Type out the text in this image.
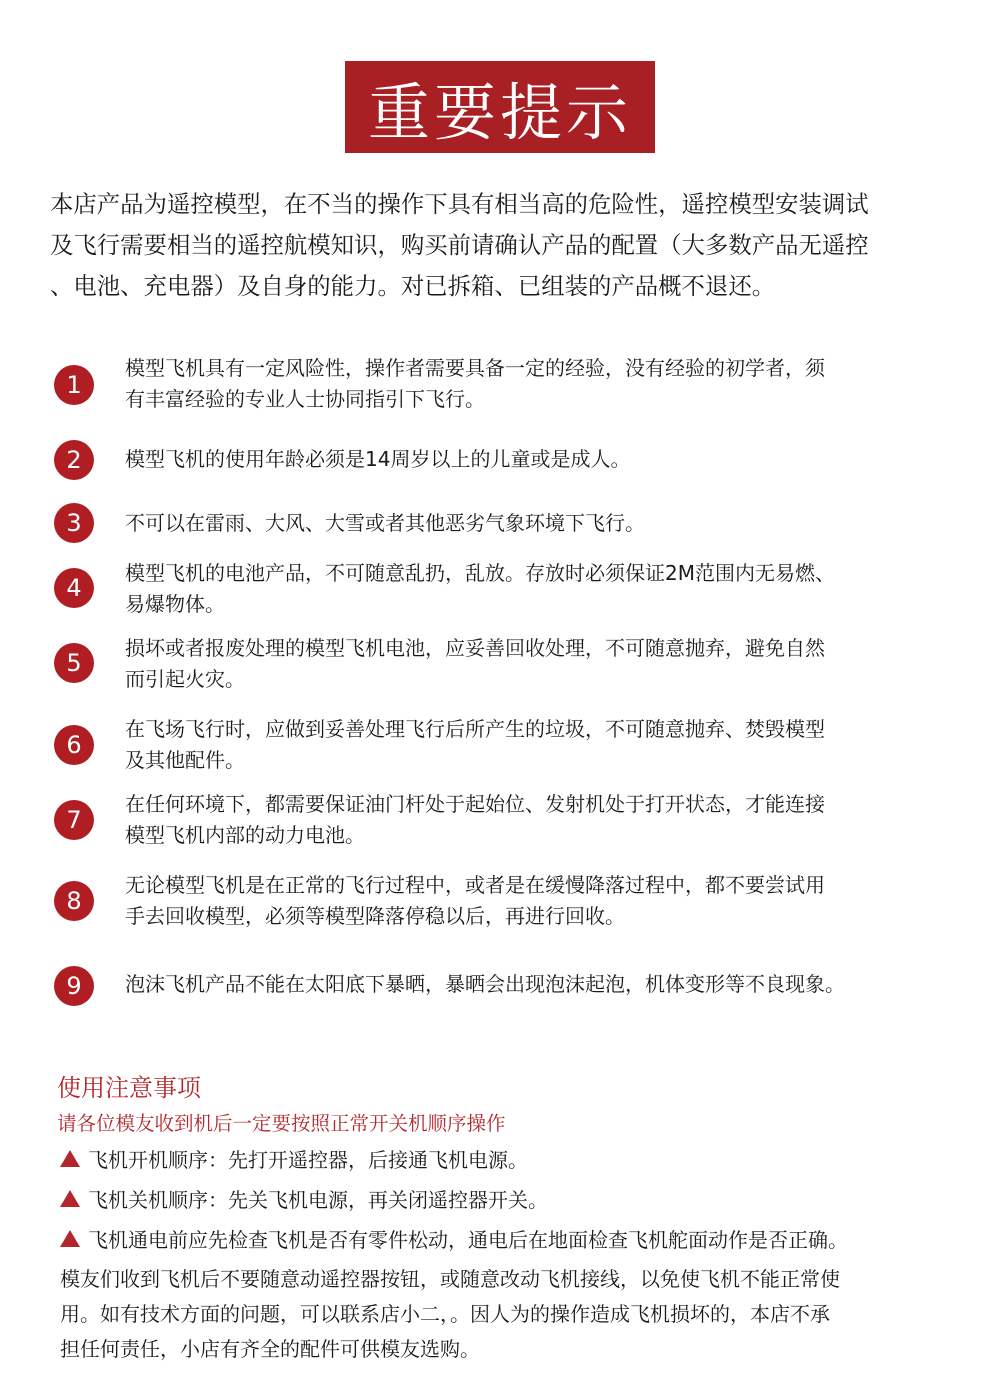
重要提示
本店产品为遥控模型，在不当的操作下具有相当高的危险性，遥控模型安装调试
及飞行需要相当的遥控航模知识，购买前请确认产品的配置（大多数产品无遥控
、电池、充电器）及自身的能力。对已拆箱、已组装的产品概不退还。
1
模型飞机具有一定风险性，操作者需要具备一定的经验，没有经验的初学者，须
有丰富经验的专业人士协同指引下飞行。
2	模型飞机的使用年龄必须是14周岁以上的儿童或是成人。
3	不可以在雷雨、大风、大雪或者其他恶劣气象环境下飞行。
4
模型飞机的电池产品，不可随意乱扔，乱放。存放时必须保证2M范围内无易燃、
易爆物体。
5
损坏或者报废处理的模型飞机电池，应妥善回收处理，不可随意抛弃，避免自然
而引起火灾。
6
在飞场飞行时，应做到妥善处理飞行后所产生的垃圾，不可随意抛弃、焚毁模型
及其他配件。
7
在任何环境下，都需要保证油门杆处于起始位、发射机处于打开状态，才能连接
模型飞机内部的动力电池。
8
无论模型飞机是在正常的飞行过程中，或者是在缓慢降落过程中，都不要尝试用
手去回收模型，必须等模型降落停稳以后，再进行回收。
9	泡沫飞机产品不能在太阳底下暴晒，暴晒会出现泡沫起泡，机体变形等不良现象。
使用注意事项
请各位模友收到机后一定要按照正常开关机顺序操作
飞机开机顺序：先打开遥控器，后接通飞机电源。
飞机关机顺序：先关飞机电源，再关闭遥控器开关。
飞机通电前应先检查飞机是否有零件松动，通电后在地面检查飞机舵面动作是否正确。
模友们收到飞机后不要随意动遥控器按钮，或随意改动飞机接线，以免使飞机不能正常使
用。如有技术方面的问题，可以联系店小二，。因人为的操作造成飞机损坏的，本店不承
担任何责任，小店有齐全的配件可供模友选购。
